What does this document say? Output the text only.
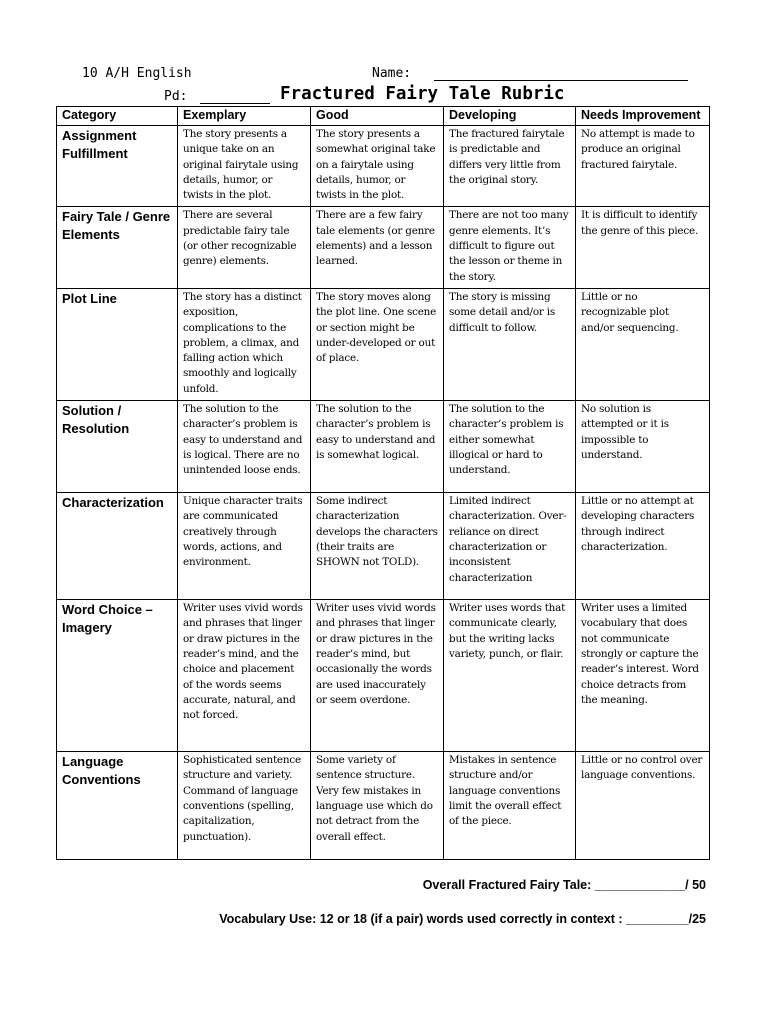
10 A/H English	Name:
Pd:	Fractured Fairy Tale Rubric
Category	Exemplary	Good	Developing	Needs Improvement
Assignment Fulfillment	The story presents a unique take on an original fairytale using details, humor, or twists in the plot.	The story presents a somewhat original take on a fairytale using details, humor, or twists in the plot.	The fractured fairytale is predictable and differs very little from the original story.	No attempt is made to produce an original fractured fairytale.
Fairy Tale / Genre Elements	There are several predictable fairy tale (or other recognizable genre) elements.	There are a few fairy tale elements (or genre elements) and a lesson learned.	There are not too many genre elements. It’s difficult to figure out the lesson or theme in the story.	It is difficult to identify the genre of this piece.
Plot Line	The story has a distinct exposition, complications to the problem, a climax, and falling action which smoothly and logically unfold.	The story moves along the plot line. One scene or section might be under-developed or out of place.	The story is missing some detail and/or is difficult to follow.	Little or no recognizable plot and/or sequencing.
Solution / Resolution	The solution to the character’s problem is easy to understand and is logical. There are no unintended loose ends.	The solution to the character’s problem is easy to understand and is somewhat logical.	The solution to the character’s problem is either somewhat illogical or hard to understand.	No solution is attempted or it is impossible to understand.
Characterization	Unique character traits are communicated creatively through words, actions, and environment.	Some indirect characterization develops the characters (their traits are SHOWN not TOLD).	Limited indirect characterization. Over-reliance on direct characterization or inconsistent characterization	Little or no attempt at developing characters through indirect characterization.
Word Choice – Imagery	Writer uses vivid words and phrases that linger or draw pictures in the reader’s mind, and the choice and placement of the words seems accurate, natural, and not forced.	Writer uses vivid words and phrases that linger or draw pictures in the reader’s mind, but occasionally the words are used inaccurately or seem overdone.	Writer uses words that communicate clearly, but the writing lacks variety, punch, or flair.	Writer uses a limited vocabulary that does not communicate strongly or capture the reader’s interest. Word choice detracts from the meaning.
Language Conventions	Sophisticated sentence structure and variety. Command of language conventions (spelling, capitalization, punctuation).	Some variety of sentence structure. Very few mistakes in language use which do not detract from the overall effect.	Mistakes in sentence structure and/or language conventions limit the overall effect of the piece.	Little or no control over language conventions.
Overall Fractured Fairy Tale: _____________/ 50
Vocabulary Use: 12 or 18 (if a pair) words used correctly in context : _________/25
